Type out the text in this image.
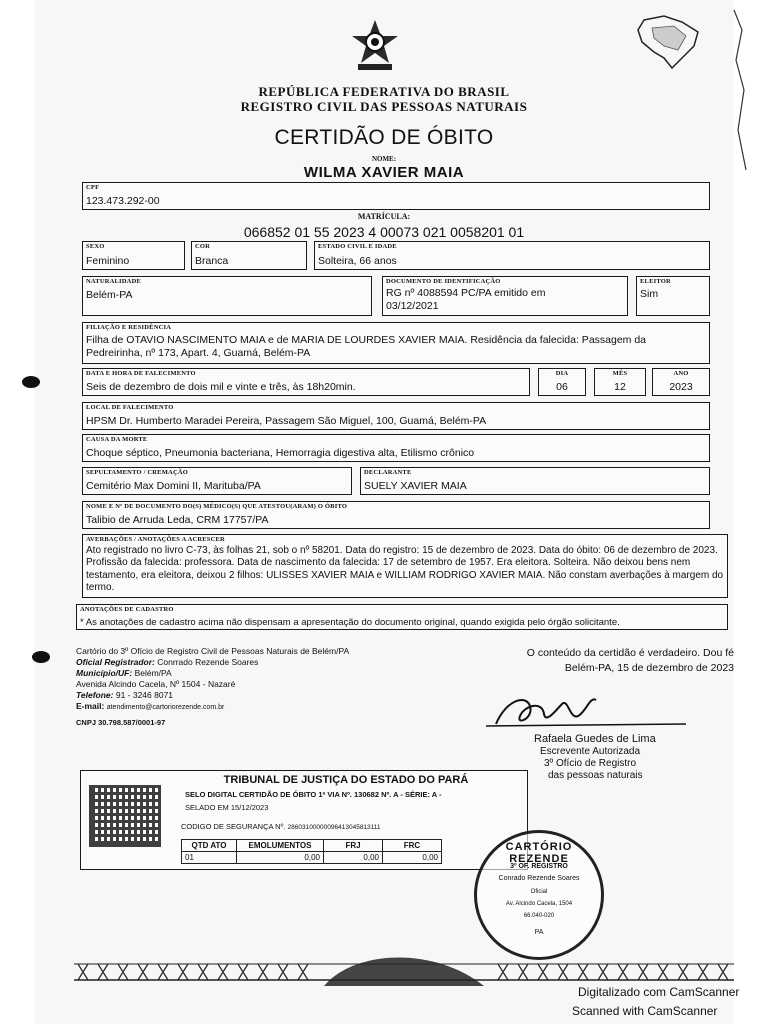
REPÚBLICA FEDERATIVA DO BRASIL
REGISTRO CIVIL DAS PESSOAS NATURAIS
CERTIDÃO DE ÓBITO
NOME:
WILMA XAVIER MAIA
CPF
123.473.292-00
MATRÍCULA:
066852 01 55 2023 4 00073 021 0058201 01
SEXO
Feminino
COR
Branca
ESTADO CIVIL E IDADE
Solteira, 66 anos
NATURALIDADE
Belém-PA
DOCUMENTO DE IDENTIFICAÇÃO
RG nº 4088594 PC/PA emitido em 03/12/2021
ELEITOR
Sim
FILIAÇÃO E RESIDÊNCIA
Filha de OTAVIO NASCIMENTO MAIA e de MARIA DE LOURDES XAVIER MAIA. Residência da falecida: Passagem da Pedreirinha, nº 173, Apart. 4, Guamá, Belém-PA
DATA E HORA DE FALECIMENTO
Seis de dezembro de dois mil e vinte e três, às 18h20min.
DIA
06
MÊS
12
ANO
2023
LOCAL DE FALECIMENTO
HPSM Dr. Humberto Maradei Pereira, Passagem São Miguel, 100, Guamá, Belém-PA
CAUSA DA MORTE
Choque séptico, Pneumonia bacteriana, Hemorragia digestiva alta, Etilismo crônico
SEPULTAMENTO / CREMAÇÃO
Cemitério Max Domini II, Marituba/PA
DECLARANTE
SUELY XAVIER MAIA
NOME E Nº DE DOCUMENTO DO(S) MÉDICO(S) QUE ATESTOU(ARAM) O ÓBITO
Talibio de Arruda Leda, CRM 17757/PA
AVERBAÇÕES / ANOTAÇÕES A ACRESCER
Ato registrado no livro C-73, às folhas 21, sob o nº 58201. Data do registro: 15 de dezembro de 2023. Data do óbito: 06 de dezembro de 2023. Profissão da falecida: professora. Data de nascimento da falecida: 17 de setembro de 1957. Era eleitora. Solteira. Não deixou bens nem testamento, era eleitora, deixou 2 filhos: ULISSES XAVIER MAIA e WILLIAM RODRIGO XAVIER MAIA. Não constam averbações à margem do termo.
ANOTAÇÕES DE CADASTRO
* As anotações de cadastro acima não dispensam a apresentação do documento original, quando exigida pelo órgão solicitante.
Cartório do 3º Ofício de Registro Civil de Pessoas Naturais de Belém/PA
Oficial Registrador: Conrrado Rezende Soares
Município/UF: Belém/PA
Avenida Alcindo Cacela, Nº 1504 - Nazaré
Telefone: 91 - 3246 8071
E-mail: atendimento@cartoriorezende.com.br
CNPJ 30.798.587/0001-97
O conteúdo da certidão é verdadeiro. Dou fé
Belém-PA, 15 de dezembro de 2023
Rafaela Guedes de Lima
Escrevente Autorizada
3º Ofício de Registro
das pessoas naturais
TRIBUNAL DE JUSTIÇA DO ESTADO DO PARÁ
SELO DIGITAL CERTIDÃO DE ÓBITO 1ª VIA Nº. 130682 Nº. A - SÉRIE: A -
SELADO EM 15/12/2023
CODIGO DE SEGURANÇA Nº. 28603100000096413045813111
QTD ATO	EMOLUMENTOS	FRJ	FRC
01	0,00	0,00	0,00
CARTÓRIO REZENDE
3º OF. REGISTRO
Conrado Rezende Soares
Oficial
Av. Alcindo Cacela, 1504
66.040-020
PA
Digitalizado com CamScanner
Scanned with CamScanner
